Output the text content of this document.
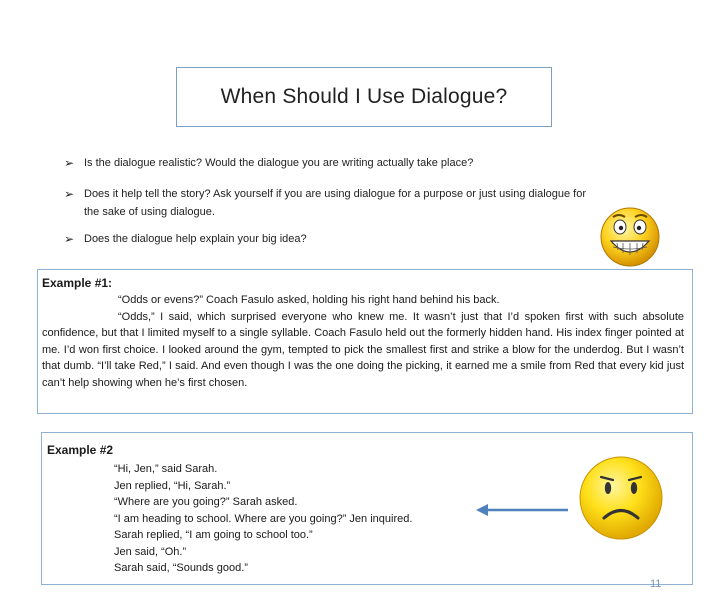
When Should I Use Dialogue?
➢ Is the dialogue realistic? Would the dialogue you are writing actually take place?
➢ Does it help tell the story? Ask yourself if you are using dialogue for a purpose or just using dialogue for the sake of using dialogue.
➢ Does the dialogue help explain your big idea?
Example #1:

“Odds or evens?” Coach Fasulo asked, holding his right hand behind his back.

“Odds,” I said, which surprised everyone who knew me. It wasn’t just that I’d spoken first with such absolute confidence, but that I limited myself to a single syllable. Coach Fasulo held out the formerly hidden hand. His index finger pointed at me. I’d won first choice. I looked around the gym, tempted to pick the smallest first and strike a blow for the underdog. But I wasn’t that dumb. “I’ll take Red,” I said. And even though I was the one doing the picking, it earned me a smile from Red that every kid just can’t help showing when he’s first chosen.

Example #2
“Hi, Jen,” said Sarah.
Jen replied, “Hi, Sarah.”
“Where are you going?” Sarah asked.
“I am heading to school. Where are you going?” Jen inquired.
Sarah replied, “I am going to school too.”
Jen said, “Oh.”
Sarah said, “Sounds good.”
11
